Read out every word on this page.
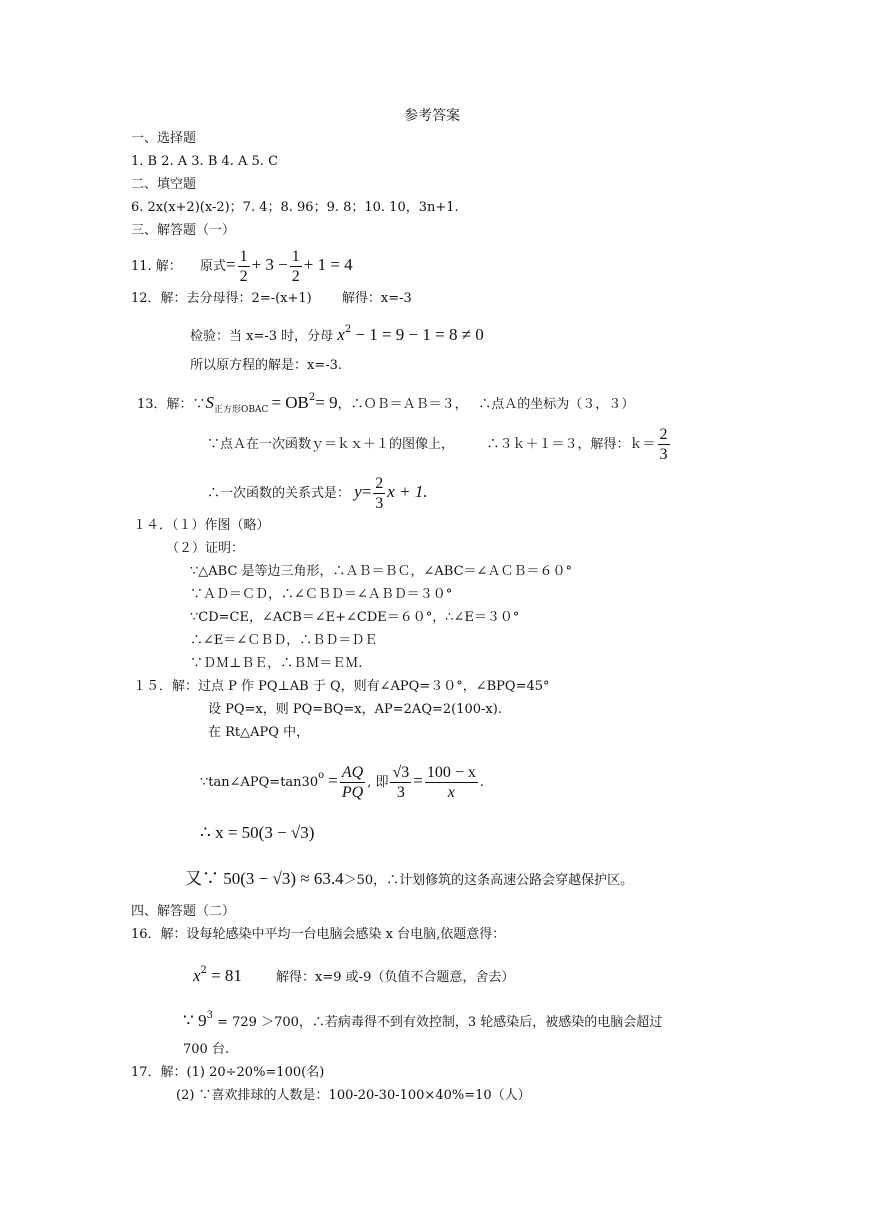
参考答案
一、选择题
1. B 2. A 3. B 4. A 5. C
二、填空题
6. 2x(x+2)(x-2)；7. 4；8. 96；9. 8；10. 10，3n+1.
三、解答题（一）
11. 解： 原式= $\frac{1}{2} + 3 - \frac{1}{2} + 1 = 4$
12．解：去分母得：2=-(x+1)　　 解得：x=-3
检验：当 x=-3 时，分母 $x^2 - 1 = 9 - 1 = 8 \ne 0$
所以原方程的解是：x=-3.
13．解：$\because S_{正方形OBAC} = OB^2= 9$，∴ＯＢ＝ＡＢ＝３，　 ∴点Ａ的坐标为（３，３）
∵点Ａ在一次函数ｙ＝ｋｘ＋１的图像上，　　　∴３ｋ＋１＝３，解得：ｋ＝ $\frac{2}{3}$
∴一次函数的关系式是： $y= \frac{2}{3}$ x + 1.
１４．（１）作图（略）
（２）证明：
∵△ABC 是等边三角形，∴ＡＢ＝ＢＣ，∠ABC＝∠ＡＣＢ＝６０°
∵ＡＤ＝ＣＤ，∴∠ＣＢＤ＝∠ＡＢＤ＝３０°
∵CD=CE，∠ACB＝∠E+∠CDE＝６０°，∴∠E＝３０°
∴∠E＝∠ＣＢＤ，∴ＢＤ＝ＤＥ
∵ＤＭ⊥ＢＥ，∴ＢＭ＝ＥＭ.
１５．解：过点 P 作 PQ⊥AB 于 Q，则有∠APQ=３０°，∠BPQ=45°
设 PQ=x，则 PQ=BQ=x，AP=2AQ=2(100-x).
在 Rt△APQ 中，
$\because\tan\angle APQ=\tan 30^o = \frac{AQ}{PQ}$ , 即 $\frac{√3}{3} = \frac{100 - x}{x}$ .
∴ x = 50(3 − √3)
又∵ 50(3 − √3) ≈ 63.4＞50，∴计划修筑的这条高速公路会穿越保护区。
四、解答题（二）
16．解：设每轮感染中平均一台电脑会感染 x 台电脑,依题意得：
$x^2 = 81$	解得：x=9 或-9（负值不合题意，舍去）
∵ $9^3 = 729 >700$，∴若病毒得不到有效控制，3 轮感染后，被感染的电脑会超过
700 台.
17．解：(1) 20÷20%=100(名)
(2) ∵喜欢排球的人数是：100-20-30-100×40%=10（人）
